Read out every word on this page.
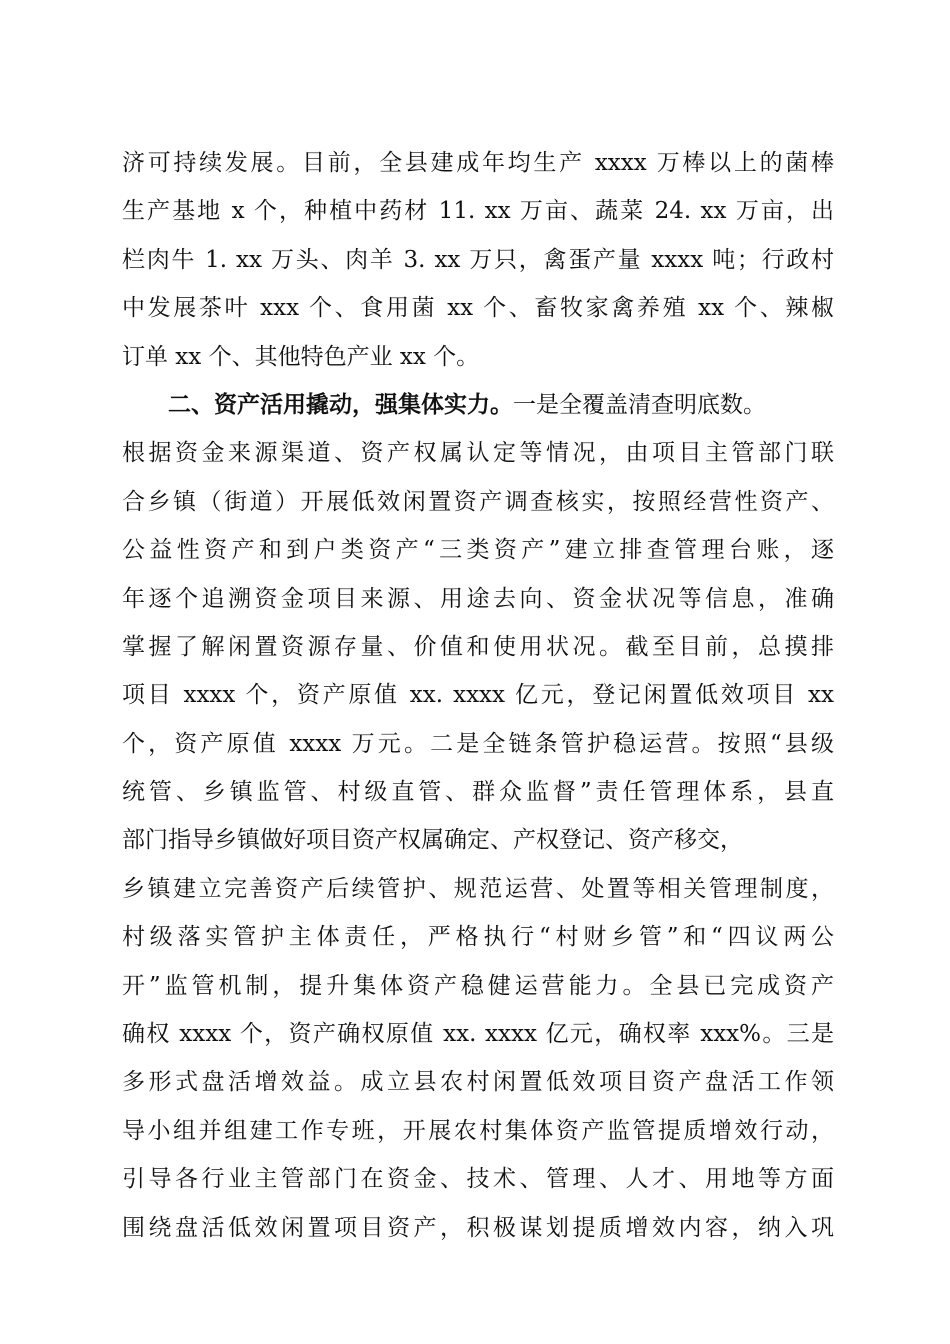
济可持续发展。目前，全县建成年均生产 xxxx 万棒以上的菌棒
生产基地 x 个，种植中药材 11. xx 万亩、蔬菜 24. xx 万亩，出
栏肉牛 1. xx 万头、肉羊 3. xx 万只，禽蛋产量 xxxx 吨；行政村
中发展茶叶 xxx 个、食用菌 xx 个、畜牧家禽养殖 xx 个、辣椒
订单 xx 个、其他特色产业 xx 个。
二、资产活用撬动，强集体实力。一是全覆盖清查明底数。
根据资金来源渠道、资产权属认定等情况，由项目主管部门联
合乡镇（街道）开展低效闲置资产调查核实，按照经营性资产、
公益性资产和到户类资产“三类资产”建立排查管理台账，逐
年逐个追溯资金项目来源、用途去向、资金状况等信息，准确
掌握了解闲置资源存量、价值和使用状况。截至目前，总摸排
项目 xxxx 个，资产原值 xx. xxxx 亿元，登记闲置低效项目 xx
个，资产原值 xxxx 万元。二是全链条管护稳运营。按照“县级
统管、乡镇监管、村级直管、群众监督”责任管理体系，县直
部门指导乡镇做好项目资产权属确定、产权登记、资产移交，
乡镇建立完善资产后续管护、规范运营、处置等相关管理制度，
村级落实管护主体责任，严格执行“村财乡管”和“四议两公
开”监管机制，提升集体资产稳健运营能力。全县已完成资产
确权 xxxx 个，资产确权原值 xx. xxxx 亿元，确权率 xxx%。三是
多形式盘活增效益。成立县农村闲置低效项目资产盘活工作领
导小组并组建工作专班，开展农村集体资产监管提质增效行动，
引导各行业主管部门在资金、技术、管理、人才、用地等方面
围绕盘活低效闲置项目资产，积极谋划提质增效内容，纳入巩
